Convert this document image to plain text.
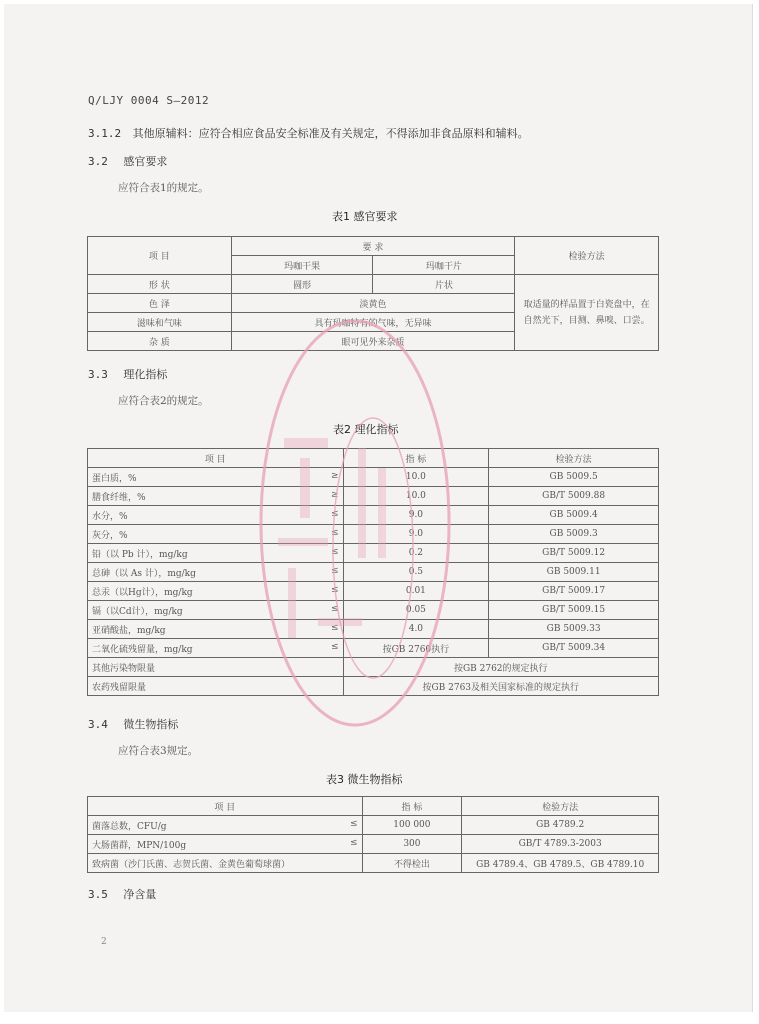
Q/LJY 0004 S—2012
3.1.2 其他原辅料：应符合相应食品安全标准及有关规定，不得添加非食品原料和辅料。
3.2 感官要求
应符合表1的规定。
表1 感官要求
项 目	要 求		检验方法
	玛咖干果	玛咖干片	
形 状	圆形	片状	取适量的样品置于白瓷盘中，在自然光下，目测、鼻嗅、口尝。
色 泽	淡黄色		
滋味和气味	具有玛咖特有的气味，无异味		
杂 质	眼可见外来杂质		
3.3 理化指标
应符合表2的规定。
表2 理化指标
项 目	指 标	检验方法
蛋白质，% ≥	10.0	GB 5009.5
膳食纤维，% ≥	10.0	GB/T 5009.88
水分，% ≤	9.0	GB 5009.4
灰分，% ≤	9.0	GB 5009.3
铅（以 Pb 计），mg/kg ≤	0.2	GB/T 5009.12
总砷（以 As 计），mg/kg ≤	0.5	GB 5009.11
总汞（以Hg计），mg/kg ≤	0.01	GB/T 5009.17
镉（以Cd计），mg/kg ≤	0.05	GB/T 5009.15
亚硝酸盐，mg/kg ≤	4.0	GB 5009.33
二氧化硫残留量，mg/kg ≤	按GB 2760执行	GB/T 5009.34
其他污染物限量	按GB 2762的规定执行	
农药残留限量	按GB 2763及相关国家标准的规定执行	
3.4 微生物指标
应符合表3规定。
表3 微生物指标
项 目	指 标	检验方法
菌落总数，CFU/g ≤	100 000	GB 4789.2
大肠菌群，MPN/100g ≤	300	GB/T 4789.3-2003
致病菌（沙门氏菌、志贺氏菌、金黄色葡萄球菌）	不得检出	GB 4789.4、GB 4789.5、GB 4789.10
3.5 净含量
2
